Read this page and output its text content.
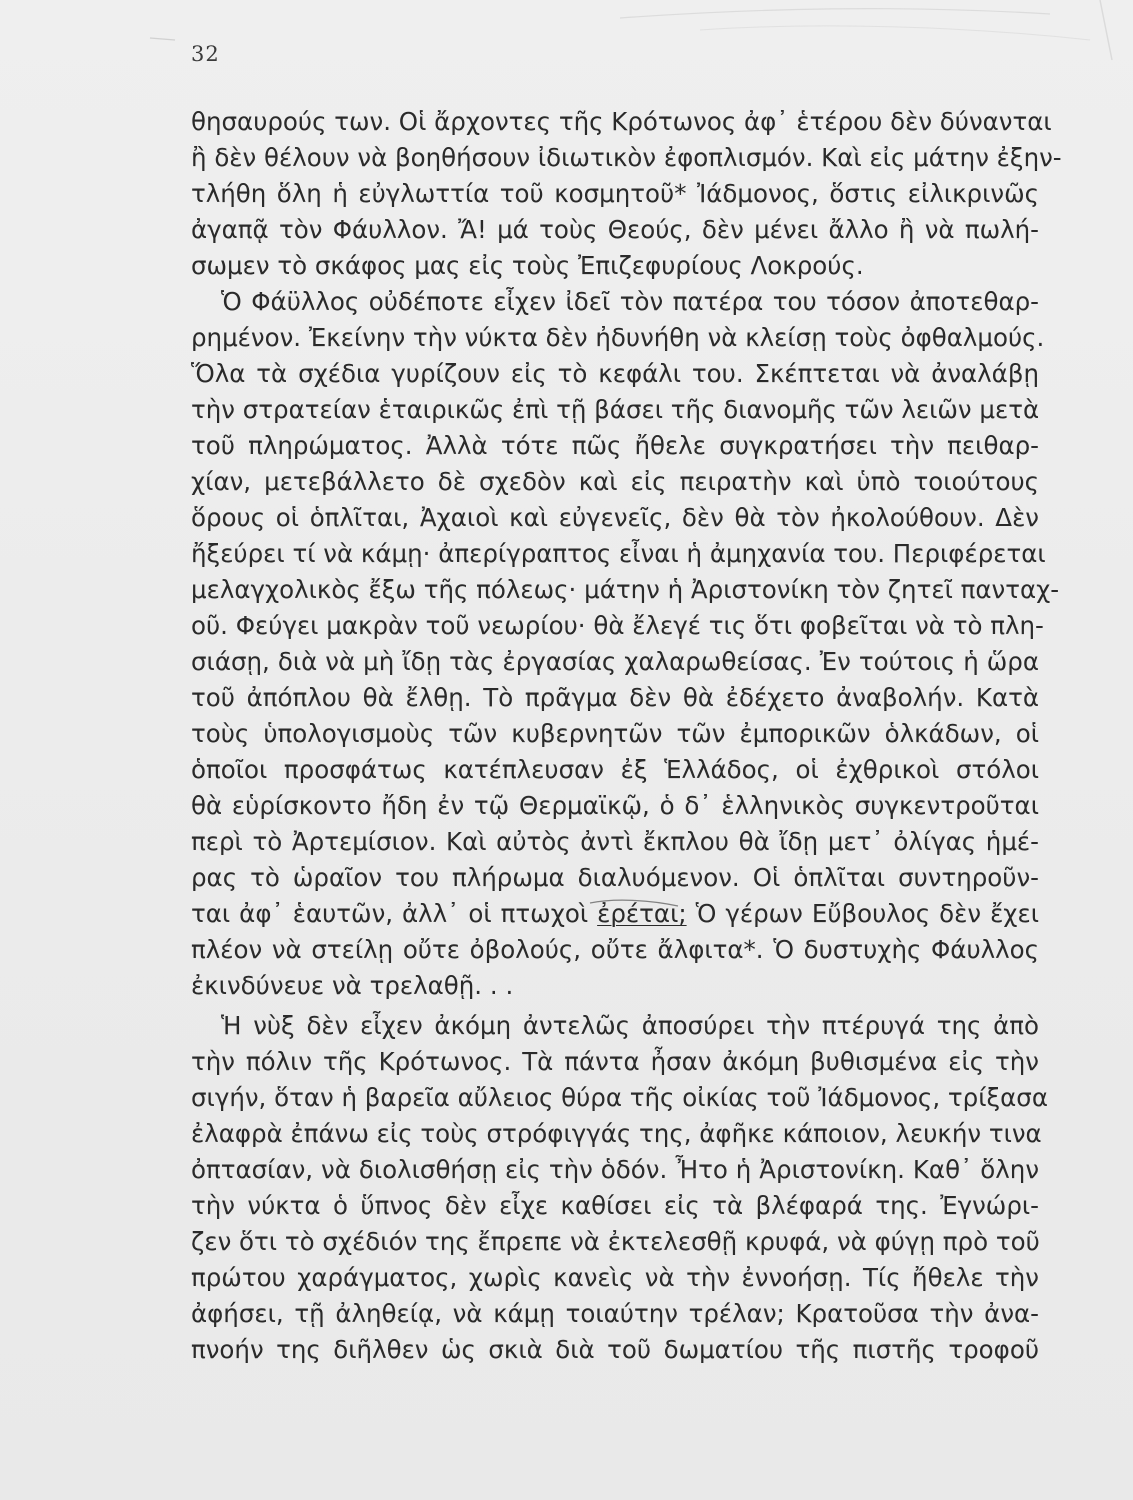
32
θησαυρούς των. Οἱ ἄρχοντες τῆς Κρότωνος ἀφ᾽ ἑτέρου δὲν δύνανται
ἢ δὲν θέλουν νὰ βοηθήσουν ἰδιωτικὸν ἐφοπλισμόν. Καὶ εἰς μάτην ἐξην-
τλήθη ὅλη ἡ εὐγλωττία τοῦ κοσμητοῦ* Ἰάδμονος, ὅστις εἰλικρινῶς
ἀγαπᾷ τὸν Φάυλλον. Ἄ! μά τοὺς Θεούς, δὲν μένει ἄλλο ἢ νὰ πωλή-
σωμεν τὸ σκάφος μας εἰς τοὺς Ἐπιζεφυρίους Λοκρούς.
Ὁ Φάϋλλος οὐδέποτε εἶχεν ἰδεῖ τὸν πατέρα του τόσον ἀποτεθαρ-
ρημένον. Ἐκείνην τὴν νύκτα δὲν ἠδυνήθη νὰ κλείσῃ τοὺς ὀφθαλμούς.
Ὅλα τὰ σχέδια γυρίζουν εἰς τὸ κεφάλι του. Σκέπτεται νὰ ἀναλάβῃ
τὴν στρατείαν ἑταιρικῶς ἐπὶ τῇ βάσει τῆς διανομῆς τῶν λειῶν μετὰ
τοῦ πληρώματος. Ἀλλὰ τότε πῶς ἤθελε συγκρατήσει τὴν πειθαρ-
χίαν, μετεβάλλετο δὲ σχεδὸν καὶ εἰς πειρατὴν καὶ ὑπὸ τοιούτους
ὅρους οἱ ὁπλῖται, Ἀχαιοὶ καὶ εὐγενεῖς, δὲν θὰ τὸν ἠκολούθουν. Δὲν
ἤξεύρει τί νὰ κάμῃ· ἀπερίγραπτος εἶναι ἡ ἀμηχανία του. Περιφέρεται
μελαγχολικὸς ἔξω τῆς πόλεως· μάτην ἡ Ἀριστονίκη τὸν ζητεῖ πανταχ-
οῦ. Φεύγει μακρὰν τοῦ νεωρίου· θὰ ἔλεγέ τις ὅτι φοβεῖται νὰ τὸ πλη-
σιάσῃ, διὰ νὰ μὴ ἴδῃ τὰς ἐργασίας χαλαρωθείσας. Ἐν τούτοις ἡ ὥρα
τοῦ ἀπόπλου θὰ ἔλθῃ. Τὸ πρᾶγμα δὲν θὰ ἐδέχετο ἀναβολήν. Κατὰ
τοὺς ὑπολογισμοὺς τῶν κυβερνητῶν τῶν ἐμπορικῶν ὁλκάδων, οἱ
ὁποῖοι προσφάτως κατέπλευσαν ἐξ Ἑλλάδος, οἱ ἐχθρικοὶ στόλοι
θὰ εὑρίσκοντο ἤδη ἐν τῷ Θερμαϊκῷ, ὁ δ᾽ ἑλληνικὸς συγκεντροῦται
περὶ τὸ Ἀρτεμίσιον. Καὶ αὐτὸς ἀντὶ ἔκπλου θὰ ἴδῃ μετ᾽ ὀλίγας ἡμέ-
ρας τὸ ὡραῖον του πλήρωμα διαλυόμενον. Οἱ ὁπλῖται συντηροῦν-
ται ἀφ᾽ ἑαυτῶν, ἀλλ᾽ οἱ πτωχοὶ ἐρέται; Ὁ γέρων Εὔβουλος δὲν ἔχει
πλέον νὰ στείλῃ οὔτε ὀβολούς, οὔτε ἄλφιτα*. Ὁ δυστυχὴς Φάυλλος
ἐκινδύνευε νὰ τρελαθῇ. . .
Ἡ νὺξ δὲν εἶχεν ἀκόμη ἀντελῶς ἀποσύρει τὴν πτέρυγά της ἀπὸ
τὴν πόλιν τῆς Κρότωνος. Τὰ πάντα ἦσαν ἀκόμη βυθισμένα εἰς τὴν
σιγήν, ὅταν ἡ βαρεῖα αὔλειος θύρα τῆς οἰκίας τοῦ Ἰάδμονος, τρίξασα
ἐλαφρὰ ἐπάνω εἰς τοὺς στρόφιγγάς της, ἀφῆκε κάποιον, λευκήν τινα
ὀπτασίαν, νὰ διολισθήσῃ εἰς τὴν ὁδόν. Ἦτο ἡ Ἀριστονίκη. Καθ᾽ ὅλην
τὴν νύκτα ὁ ὕπνος δὲν εἶχε καθίσει εἰς τὰ βλέφαρά της. Ἐγνώρι-
ζεν ὅτι τὸ σχέδιόν της ἔπρεπε νὰ ἐκτελεσθῇ κρυφά, νὰ φύγῃ πρὸ τοῦ
πρώτου χαράγματος, χωρὶς κανεὶς νὰ τὴν ἐννοήσῃ. Τίς ἤθελε τὴν
ἀφήσει, τῇ ἀληθείᾳ, νὰ κάμῃ τοιαύτην τρέλαν; Κρατοῦσα τὴν ἀνα-
πνοήν της διῆλθεν ὡς σκιὰ διὰ τοῦ δωματίου τῆς πιστῆς τροφοῦ
